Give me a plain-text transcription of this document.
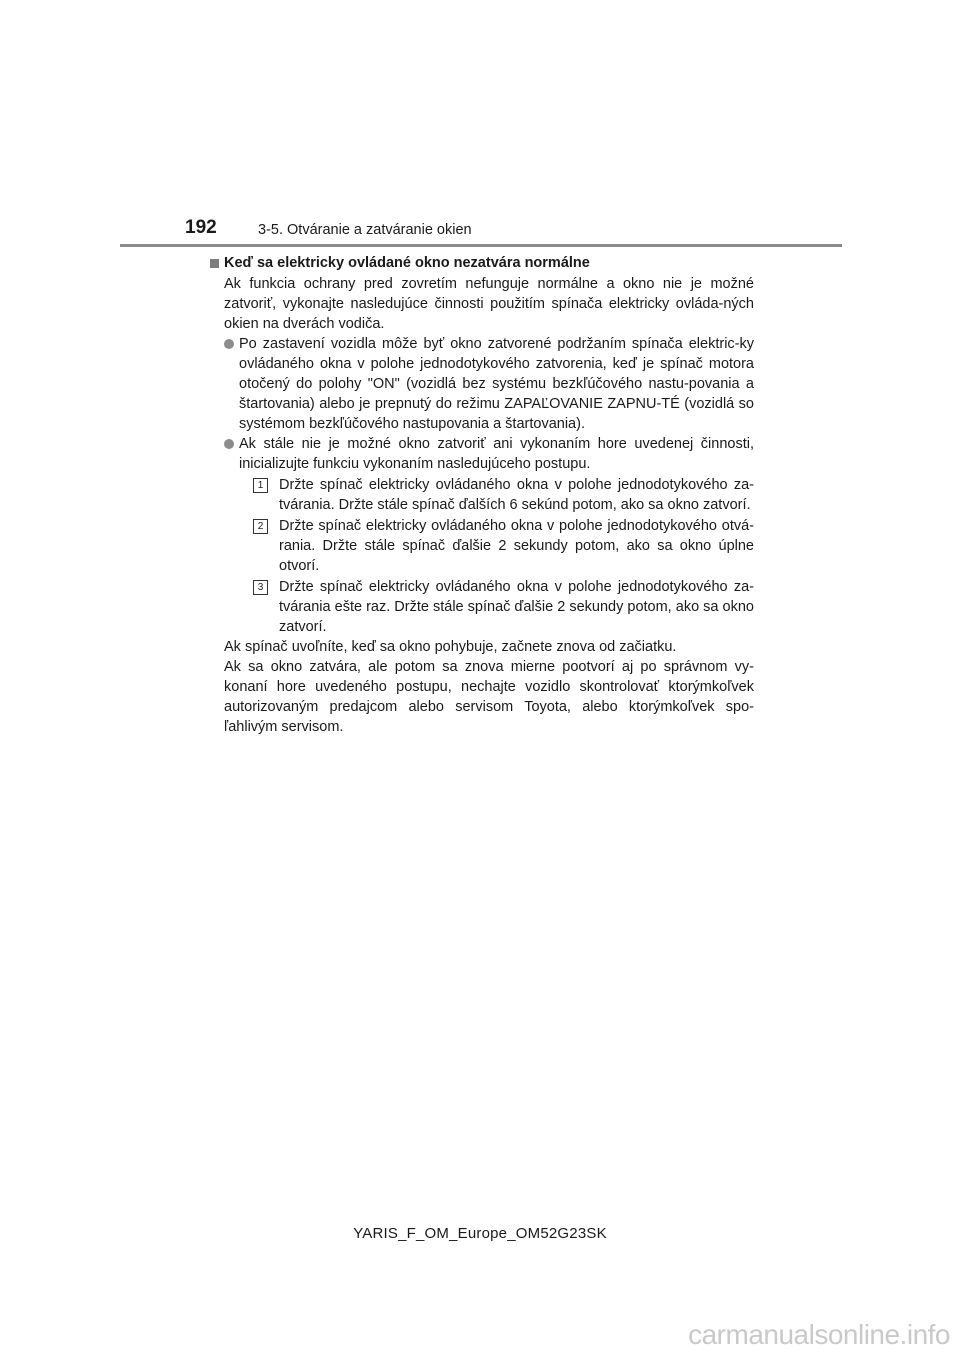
192	3-5. Otváranie a zatváranie okien
Keď sa elektricky ovládané okno nezatvára normálne

Ak funkcia ochrany pred zovretím nefunguje normálne a okno nie je možné zatvoriť, vykonajte nasledujúce činnosti použitím spínača elektricky ovláda-ných okien na dverách vodiča.

Po zastavení vozidla môže byť okno zatvorené podržaním spínača elektric-ky ovládaného okna v polohe jednodotykového zatvorenia, keď je spínač motora otočený do polohy "ON" (vozidlá bez systému bezkľúčového nastu-povania a štartovania) alebo je prepnutý do režimu ZAPAĽOVANIE ZAPNU-TÉ (vozidlá so systémom bezkľúčového nastupovania a štartovania).
Ak stále nie je možné okno zatvoriť ani vykonaním hore uvedenej činnosti, inicializujte funkciu vykonaním nasledujúceho postupu.
1	Držte spínač elektricky ovládaného okna v polohe jednodotykového za-tvárania. Držte stále spínač ďalších 6 sekúnd potom, ako sa okno zatvorí.
2	Držte spínač elektricky ovládaného okna v polohe jednodotykového otvá-rania. Držte stále spínač ďalšie 2 sekundy potom, ako sa okno úplne otvorí.
3	Držte spínač elektricky ovládaného okna v polohe jednodotykového za-tvárania ešte raz. Držte stále spínač ďalšie 2 sekundy potom, ako sa okno zatvorí.

Ak spínač uvoľníte, keď sa okno pohybuje, začnete znova od začiatku.

Ak sa okno zatvára, ale potom sa znova mierne pootvorí aj po správnom vy-konaní hore uvedeného postupu, nechajte vozidlo skontrolovať ktorýmkoľvek autorizovaným predajcom alebo servisom Toyota, alebo ktorýmkoľvek spo-ľahlivým servisom.

YARIS_F_OM_Europe_OM52G23SK
carmanualsonline.info
